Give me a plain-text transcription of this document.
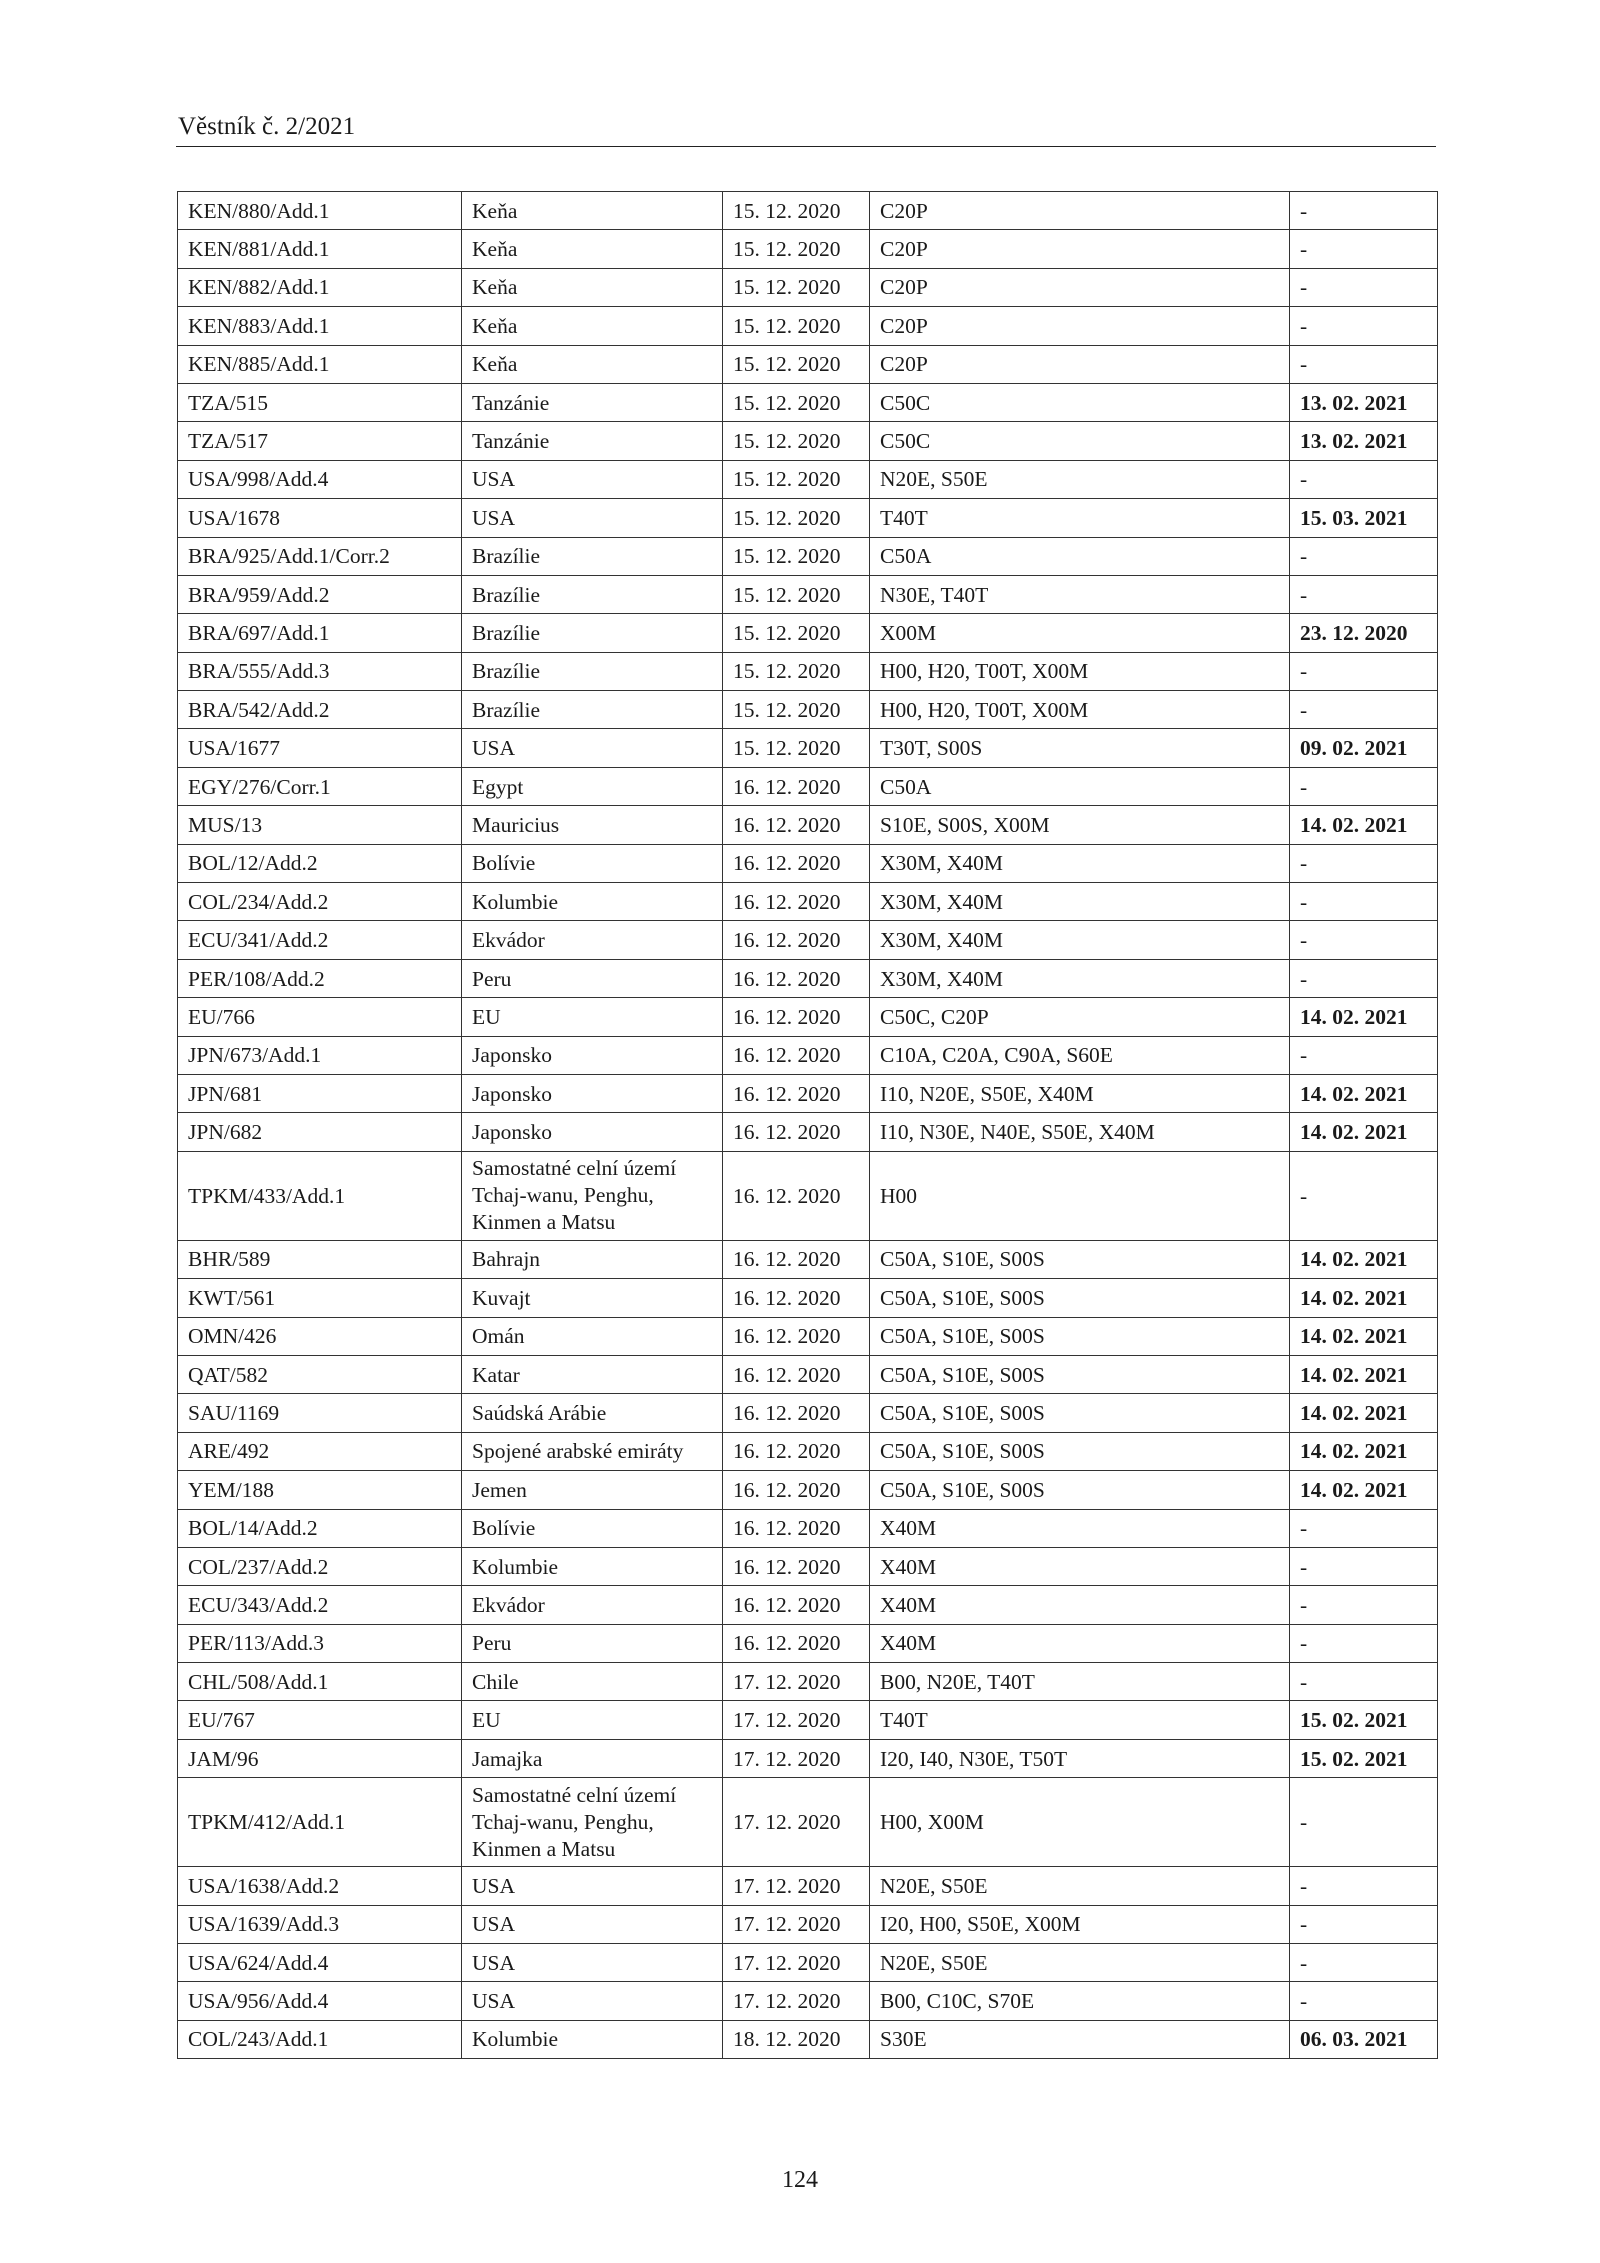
Věstník č. 2/2021
KEN/880/Add.1	Keňa	15. 12. 2020	C20P	-
KEN/881/Add.1	Keňa	15. 12. 2020	C20P	-
KEN/882/Add.1	Keňa	15. 12. 2020	C20P	-
KEN/883/Add.1	Keňa	15. 12. 2020	C20P	-
KEN/885/Add.1	Keňa	15. 12. 2020	C20P	-
TZA/515	Tanzánie	15. 12. 2020	C50C	13. 02. 2021
TZA/517	Tanzánie	15. 12. 2020	C50C	13. 02. 2021
USA/998/Add.4	USA	15. 12. 2020	N20E, S50E	-
USA/1678	USA	15. 12. 2020	T40T	15. 03. 2021
BRA/925/Add.1/Corr.2	Brazílie	15. 12. 2020	C50A	-
BRA/959/Add.2	Brazílie	15. 12. 2020	N30E, T40T	-
BRA/697/Add.1	Brazílie	15. 12. 2020	X00M	23. 12. 2020
BRA/555/Add.3	Brazílie	15. 12. 2020	H00, H20, T00T, X00M	-
BRA/542/Add.2	Brazílie	15. 12. 2020	H00, H20, T00T, X00M	-
USA/1677	USA	15. 12. 2020	T30T, S00S	09. 02. 2021
EGY/276/Corr.1	Egypt	16. 12. 2020	C50A	-
MUS/13	Mauricius	16. 12. 2020	S10E, S00S, X00M	14. 02. 2021
BOL/12/Add.2	Bolívie	16. 12. 2020	X30M, X40M	-
COL/234/Add.2	Kolumbie	16. 12. 2020	X30M, X40M	-
ECU/341/Add.2	Ekvádor	16. 12. 2020	X30M, X40M	-
PER/108/Add.2	Peru	16. 12. 2020	X30M, X40M	-
EU/766	EU	16. 12. 2020	C50C, C20P	14. 02. 2021
JPN/673/Add.1	Japonsko	16. 12. 2020	C10A, C20A, C90A, S60E	-
JPN/681	Japonsko	16. 12. 2020	I10, N20E, S50E, X40M	14. 02. 2021
JPN/682	Japonsko	16. 12. 2020	I10, N30E, N40E, S50E, X40M	14. 02. 2021
TPKM/433/Add.1	Samostatné celní území Tchaj-wanu, Penghu, Kinmen a Matsu	16. 12. 2020	H00	-
BHR/589	Bahrajn	16. 12. 2020	C50A, S10E, S00S	14. 02. 2021
KWT/561	Kuvajt	16. 12. 2020	C50A, S10E, S00S	14. 02. 2021
OMN/426	Omán	16. 12. 2020	C50A, S10E, S00S	14. 02. 2021
QAT/582	Katar	16. 12. 2020	C50A, S10E, S00S	14. 02. 2021
SAU/1169	Saúdská Arábie	16. 12. 2020	C50A, S10E, S00S	14. 02. 2021
ARE/492	Spojené arabské emiráty	16. 12. 2020	C50A, S10E, S00S	14. 02. 2021
YEM/188	Jemen	16. 12. 2020	C50A, S10E, S00S	14. 02. 2021
BOL/14/Add.2	Bolívie	16. 12. 2020	X40M	-
COL/237/Add.2	Kolumbie	16. 12. 2020	X40M	-
ECU/343/Add.2	Ekvádor	16. 12. 2020	X40M	-
PER/113/Add.3	Peru	16. 12. 2020	X40M	-
CHL/508/Add.1	Chile	17. 12. 2020	B00, N20E, T40T	-
EU/767	EU	17. 12. 2020	T40T	15. 02. 2021
JAM/96	Jamajka	17. 12. 2020	I20, I40, N30E, T50T	15. 02. 2021
TPKM/412/Add.1	Samostatné celní území Tchaj-wanu, Penghu, Kinmen a Matsu	17. 12. 2020	H00, X00M	-
USA/1638/Add.2	USA	17. 12. 2020	N20E, S50E	-
USA/1639/Add.3	USA	17. 12. 2020	I20, H00, S50E, X00M	-
USA/624/Add.4	USA	17. 12. 2020	N20E, S50E	-
USA/956/Add.4	USA	17. 12. 2020	B00, C10C, S70E	-
COL/243/Add.1	Kolumbie	18. 12. 2020	S30E	06. 03. 2021
124
